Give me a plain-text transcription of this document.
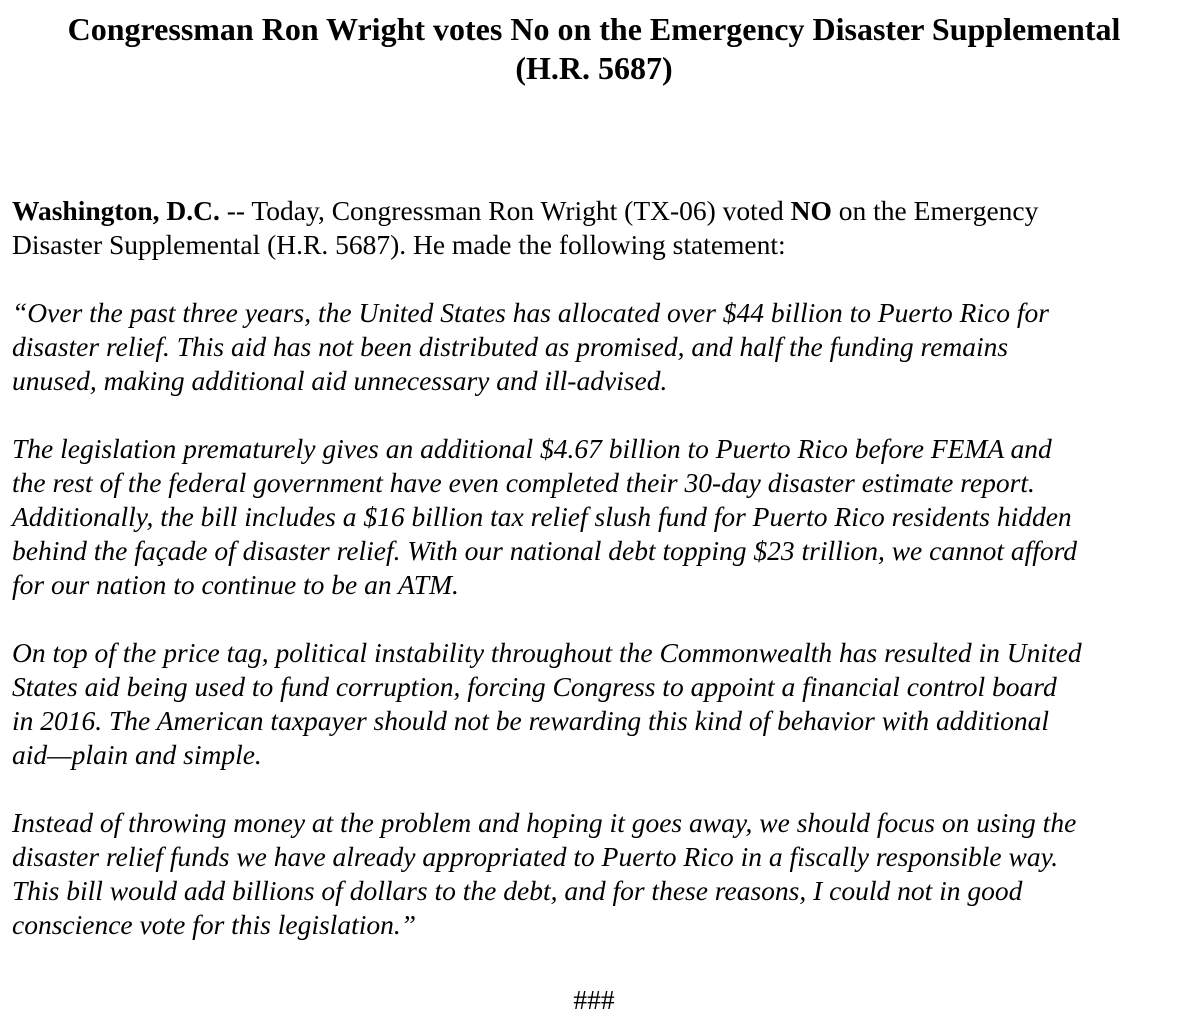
Congressman Ron Wright votes No on the Emergency Disaster Supplemental
(H.R. 5687)

Washington, D.C. -- Today, Congressman Ron Wright (TX-06) voted NO on the Emergency
Disaster Supplemental (H.R. 5687). He made the following statement:

“Over the past three years, the United States has allocated over $44 billion to Puerto Rico for
disaster relief. This aid has not been distributed as promised, and half the funding remains
unused, making additional aid unnecessary and ill-advised.

The legislation prematurely gives an additional $4.67 billion to Puerto Rico before FEMA and
the rest of the federal government have even completed their 30-day disaster estimate report.
Additionally, the bill includes a $16 billion tax relief slush fund for Puerto Rico residents hidden
behind the façade of disaster relief. With our national debt topping $23 trillion, we cannot afford
for our nation to continue to be an ATM.

On top of the price tag, political instability throughout the Commonwealth has resulted in United
States aid being used to fund corruption, forcing Congress to appoint a financial control board
in 2016. The American taxpayer should not be rewarding this kind of behavior with additional
aid—plain and simple.

Instead of throwing money at the problem and hoping it goes away, we should focus on using the
disaster relief funds we have already appropriated to Puerto Rico in a fiscally responsible way.
This bill would add billions of dollars to the debt, and for these reasons, I could not in good
conscience vote for this legislation.”

###
